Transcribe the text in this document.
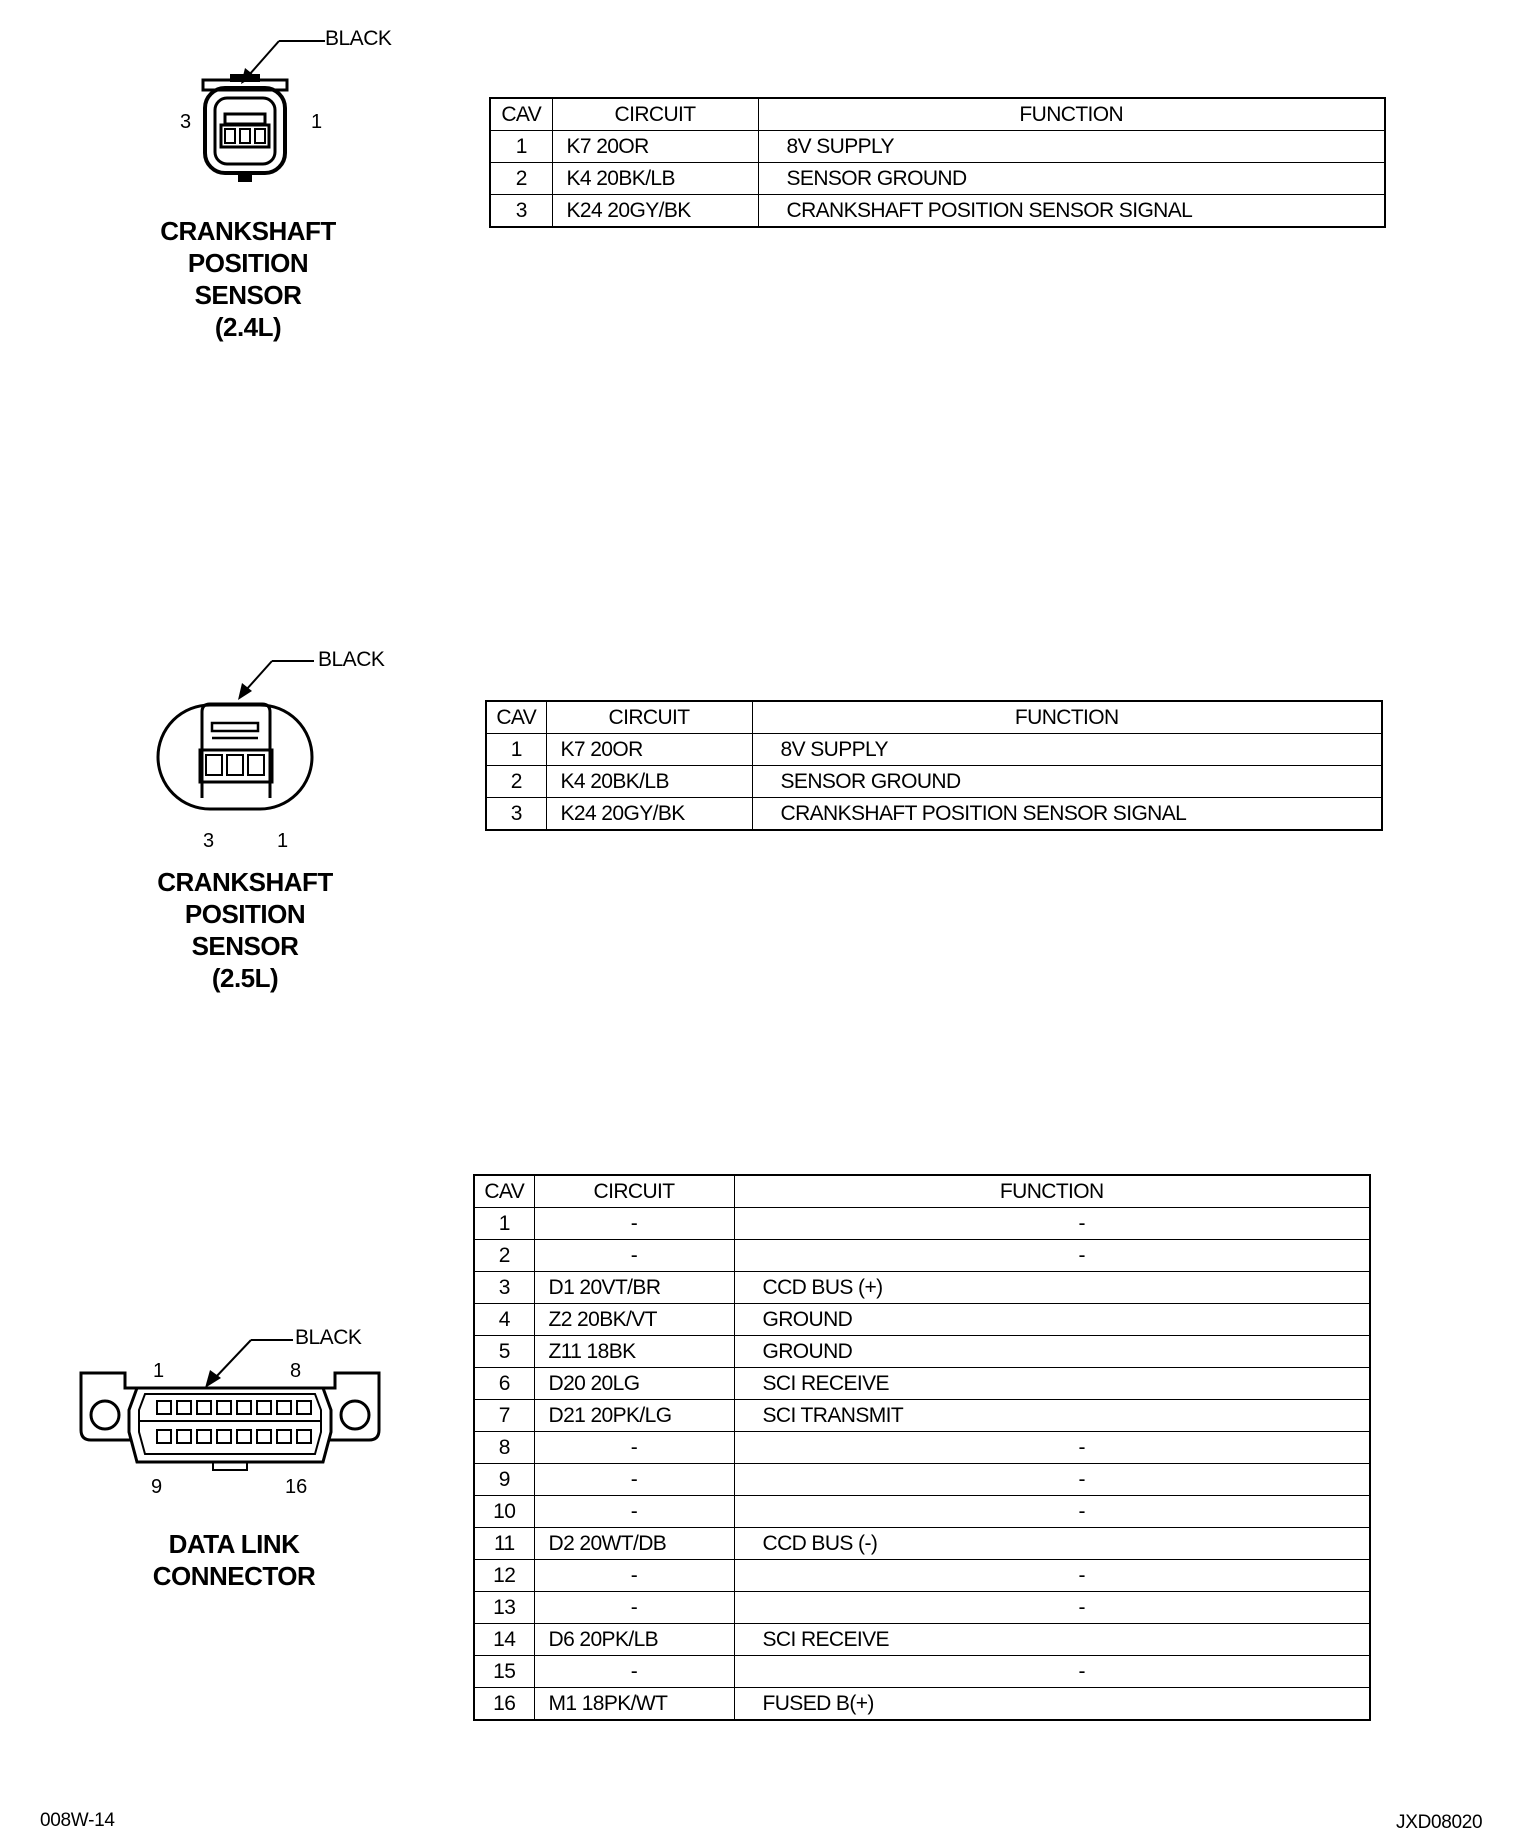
BLACK
3	1
CRANKSHAFT
POSITION
SENSOR
(2.4L)
CAV	CIRCUIT	FUNCTION
1	K7 20OR	8V SUPPLY
2	K4 20BK/LB	SENSOR GROUND
3	K24 20GY/BK	CRANKSHAFT POSITION SENSOR SIGNAL
BLACK
3	1
CRANKSHAFT
POSITION
SENSOR
(2.5L)
CAV	CIRCUIT	FUNCTION
1	K7 20OR	8V SUPPLY
2	K4 20BK/LB	SENSOR GROUND
3	K24 20GY/BK	CRANKSHAFT POSITION SENSOR SIGNAL
BLACK
1	8
9	16
DATA LINK
CONNECTOR
CAV	CIRCUIT	FUNCTION
1	-	-
2	-	-
3	D1 20VT/BR	CCD BUS (+)
4	Z2 20BK/VT	GROUND
5	Z11 18BK	GROUND
6	D20 20LG	SCI RECEIVE
7	D21 20PK/LG	SCI TRANSMIT
8	-	-
9	-	-
10	-	-
11	D2 20WT/DB	CCD BUS (-)
12	-	-
13	-	-
14	D6 20PK/LB	SCI RECEIVE
15	-	-
16	M1 18PK/WT	FUSED B(+)
008W-14	JXD08020
